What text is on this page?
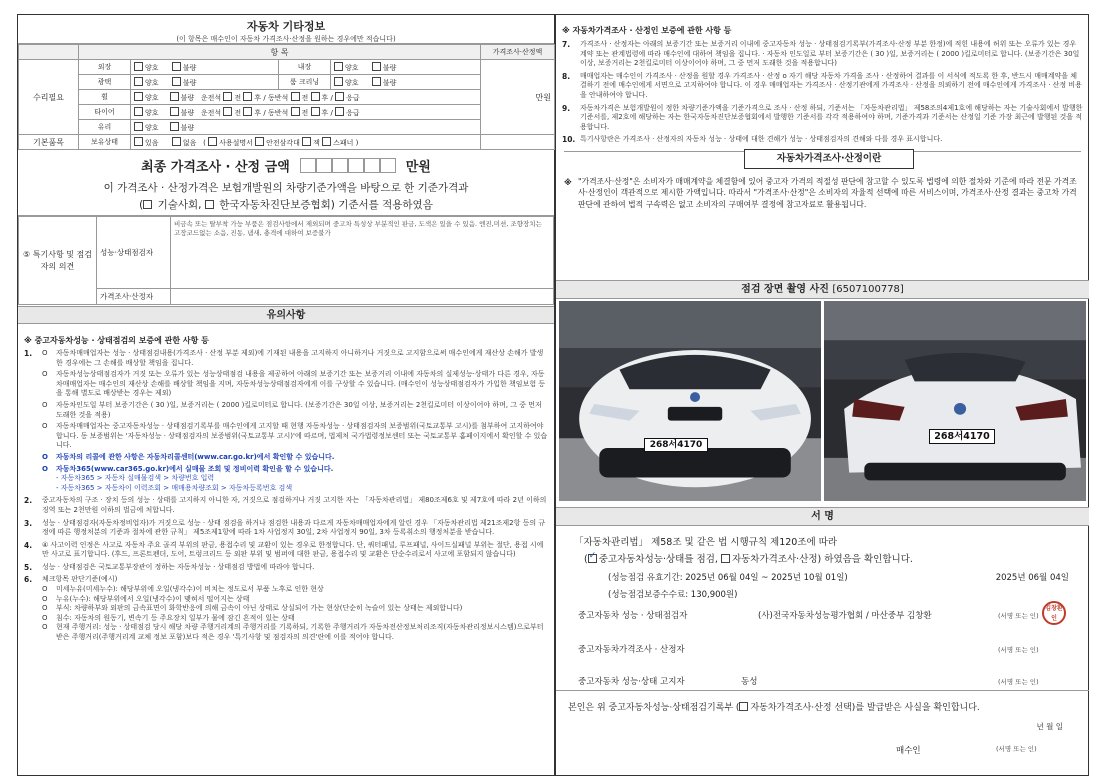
자동차 기타정보
(이 항목은 매수인이 자동차 가격조사·산정을 원하는 경우에만 적습니다)
	항 목				가격조사·산정액
수리필요	외장	양호 불량	내장	양호 불량	만원
	광택	양호 불량	룸 크리닝	양호 불량	
	휠	양호 불량 운전석 전 후 / 동반석 전 후 / 응급			
	타이어	양호 불량 운전석 전 후 / 동반석 전 후 / 응급			
	유리	양호 불량			
기본품목	보유상태	있음 없음   ( 사용설명서 안전삼각대 잭 스패너 )			
최종 가격조사 · 산정 금액	만원
이 가격조사 · 산정가격은 보험개발원의 차량기준가액을 바탕으로 한 기준가격과
( 기술사회, 한국자동차진단보증협회) 기준서를 적용하였음
⑤ 특기사항 및 점검자의 의견	성능·상태점검자	비금속 또는 탈부착 가능 부품은 점검사항에서 제외되며 중고차 특성상 부분적인 판금, 도색은 있을 수 있음. 엔진,미션, 조향장치는 고장코드없는 소음, 진동, 냄새, 충격에 대하여 보증불가
	가격조사·산정자	
유의사항
※ 중고자동차성능 · 상태점검의 보증에 관한 사항 등
1.	O	자동차매매업자는 성능 · 상태점검내용(가격조사 · 산정 부분 제외)에 기재된 내용을 고지하지 아니하거나 거짓으로 고지함으로써 매수인에게 재산상 손해가 발생한 경우에는 그 손해를 배상할 책임을 집니다.
O	자동차성능상태점검자가 거짓 또는 오류가 있는 성능상태점검 내용을 제공하여 아래의 보증기간 또는 보증거리 이내에 자동차의 실제성능·상태가 다른 경우, 자동차매매업자는 매수인의 재산상 손해를 배상할 책임을 지며, 자동차성능상태점검자에게 이를 구상할 수 있습니다. (매수인이 성능상태점검자가 가입한 책임보험 등을 통해 별도로 배상받는 경우는 제외)
O	자동차인도일 부터 보증기간은 ( 30 )일, 보증거리는 ( 2000 )킬로미터로 합니다. (보증기간은 30일 이상, 보증거리는 2천킬로미터 이상이어야 하며, 그 중 먼저 도래한 것을 적용)
O	자동차매매업자는 중고자동차성능 · 상태점검기록부를 매수인에게 고지할 때 현행 자동차성능 · 상태점검자의 보증범위(국토교통부 고시)를 첨부하여 고지하여야 합니다. 동 보증범위는 '자동차성능 · 상태점검자의 보증범위(국토교통부 고시)'에 따르며, 법제처 국가법령정보센터 또는 국토교통부 홈페이지에서 확인할 수 있습니다.
O	자동차의 리콜에 관한 사항은 자동차리콜센터(www.car.go.kr)에서 확인할 수 있습니다.
O	자동차365(www.car365.go.kr)에서 실매물 조회 및 정비이력 확인을 할 수 있습니다.
- 자동차365 > 자동차 실매물검색 > 차량번호 입력
- 자동차365 > 자동차이 이력조회 > 매매용차량조회 > 자동차등록번호 검색
2.	중고자동차의 구조 · 장치 등의 성능 · 상태를 고지하지 아니한 자, 거짓으로 점검하거나 거짓 고지한 자는 「자동차관리법」 제80조제6호 및 제7호에 따라 2년 이하의 징역 또는 2천만원 이하의 벌금에 처합니다.
3.	성능 · 상태점검자(자동차정비업자)가 거짓으로 성능 · 상태 점검을 하거나 점검한 내용과 다르게 자동차매매업자에게 알린 경우 「자동차관리법 제21조제2항 등의 규정에 따른 행정처분의 기준과 절차에 관한 규칙」 제5조제1항에 따라 1차 사업정지 30일, 2차 사업정지 90일, 3차 등록취소의 행정처분을 받습니다.
4.	④ 사고이력 인정은 사고로 자동차 주요 골격 부위의 판금, 용접수리 및 교환이 있는 경우로 한정합니다. 단, 쿼터패널, 루프패널, 사이드실패널 부위는 절단, 용접 시에만 사고로 표기합니다. (후드, 프론트펜더, 도어, 트렁크리드 등 외판 부위 및 범퍼에 대한 판금, 용접수리 및 교환은 단순수리로서 사고에 포함되지 않습니다)
5.	성능 · 상태점검은 국토교통부장관이 정하는 자동차성능 · 상태점검 방법에 따라야 합니다.
6.	체크항목 판단기준(예시)
O	미세누유(미세누수): 해당부위에 오일(냉각수)이 비치는 정도로서 부품 노후로 인한 현상
O	누유(누수): 해당부위에서 오일(냉각수)이 맺혀서 떨어지는 상태
O	부식: 차량하부와 외판의 금속표면이 화학반응에 의해 금속이 아닌 상태로 상실되어 가는 현상(단순히 녹슬어 있는 상태는 제외합니다)
O	침수: 자동차의 원동기, 변속기 등 주요장치 일부가 물에 잠긴 흔적이 있는 상태
O	현재 주행거리: 성능 · 상태점검 당시 해당 차량 주행거리계의 주행거리를 기록하되, 기록한 주행거리가 자동차전산정보처리조직(자동차관리정보시스템)으로부터 받은 주행거리(주행거리계 교체 정보 포함)보다 적은 경우 '특기사항 및 점검자의 의견'란에 이를 적어야 합니다.
※ 자동차가격조사 · 산정인 보증에 관한 사항 등
7.	가격조사 · 산정자는 아래의 보증기간 또는 보증거리 이내에 중고자동차 성능 · 상태점검기록부(가격조사·산정 부분 한정)에 적힌 내용에 허위 또는 오류가 있는 경우 계약 또는 관계법령에 따라 매수인에 대하여 책임을 집니다. · 자동차 인도일로 부터 보증기간은 ( 30 )일, 보증거리는 ( 2000 )킬로미터로 합니다. (보증기간은 30일 이상, 보증거리는 2천킬로미터 이상이어야 하며, 그 중 먼저 도래한 것을 적용합니다)
8.	매매업자는 매수인이 가격조사 · 산정을 원할 경우 가격조사 · 산정 o 자기 해당 자동차 가격을 조사 · 산정하여 결과를 이 서식에 적도록 한 후, 반드시 매매계약을 체결하기 전에 매수인에게 서면으로 고지하여야 합니다. 이 경우 매매업자는 가격조사 · 산정기관에게 가격조사 · 산정을 의뢰하기 전에 매수인에게 가격조사 · 산정 비용을 안내하여야 합니다.
9.	자동차가격은 보험개발원이 정한 차량기준가액을 기준가격으로 조사 · 산정 하되, 기준서는 「자동차관리법」 제58조의4제1호에 해당하는 자는 기술사회에서 발행한 기준서를, 제2호에 해당하는 자는 한국자동차진단보증협회에서 발행한 기준서를 각각 적용하여야 하며, 기준가격과 기준서는 산정일 기준 가장 최근에 발행된 것을 적용합니다.
10. 특기사항란은 가격조사 · 산정자의 자동차 성능 · 상태에 대한 견해가 성능 · 상태점검자의 견해와 다를 경우 표시합니다.
자동차가격조사·산정이란
※ "가격조사·산정"은 소비자가 매매계약을 체결함에 있어 중고자 가격의 적절성 판단에 참고할 수 있도록 법령에 의한 절차와 기준에 따라 전문 가격조사·산정인이 객관적으로 제시한 가액입니다. 따라서 "가격조사·산정"은 소비자의 자율적 선택에 따른 서비스이며, 가격조사·산정 결과는 중고차 가격판단에 관하여 법적 구속력은 없고 소비자의 구매여부 결정에 참고자료로 활용됩니다.
점검 장면 촬영 사진 [6507100778]
268서4170
268서4170
서 명
「자동차관리법」 제58조 및 같은 법 시행규칙 제120조에 따라
( ✓ 중고자동차성능·상태를 점검, 자동차가격조사·산정) 하였음을 확인합니다.
(성능점검 유효기간: 2025년 06월 04일 ~ 2025년 10월 01일)	2025년 06월 04일
(성능점검보증수수료: 130,900원)
중고자동차 성능 · 상태점검자	(사)전국자동차성능평가협회 / 마산중부 김창환	(서명 또는 인)
김창환인
중고자동차가격조사 · 산정자	(서명 또는 인)
중고자동차 성능·상태 고지자	동성	(서명 또는 인)
본인은 위 중고자동차성능·상태점검기록부 ( 자동차가격조사·산정 선택)를 발급받은 사실을 확인합니다.
년 월 일
매수인	(서명 또는 인)
